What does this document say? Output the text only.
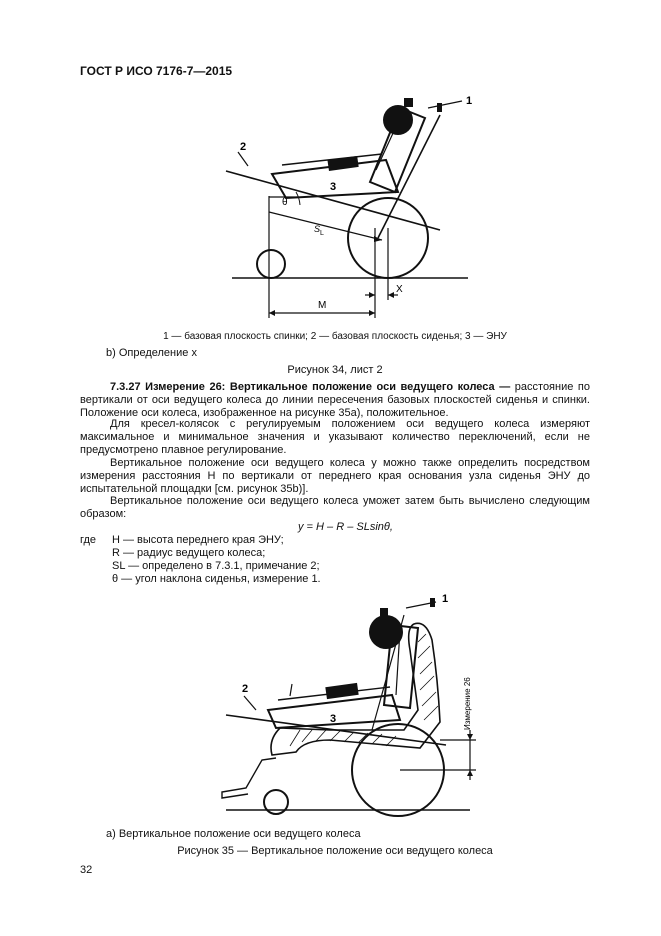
ГОСТ Р ИСО 7176-7—2015
1
2
3
θ
S L
M
X
1 — базовая плоскость спинки; 2 — базовая плоскость сиденья; 3 — ЭНУ
b) Определение x
Рисунок 34, лист 2
7.3.27 Измерение 26: Вертикальное положение оси ведущего колеса — расстояние по вертикали от оси ведущего колеса до линии пересечения базовых плоскостей сиденья и спинки. Положение оси колеса, изображенное на рисунке 35a), положительное.
Для кресел-колясок с регулируемым положением оси ведущего колеса измеряют максимальное и минимальное значения и указывают количество переключений, если не предусмотрено плавное регулирование.
Вертикальное положение оси ведущего колеса y можно также определить посредством измерения расстояния H по вертикали от переднего края основания узла сиденья ЭНУ до испытательной площадки [см. рисунок 35b)].
Вертикальное положение оси ведущего колеса yможет затем быть вычислено следующим образом:
y = H – R – SLsinθ,
где H — высота переднего края ЭНУ;
R — радиус ведущего колеса;
SL — определено в 7.3.1, примечание 2;
θ — угол наклона сиденья, измерение 1.
1
2
3	Измерение 26
a) Вертикальное положение оси ведущего колеса
Рисунок 35 — Вертикальное положение оси ведущего колеса
32
